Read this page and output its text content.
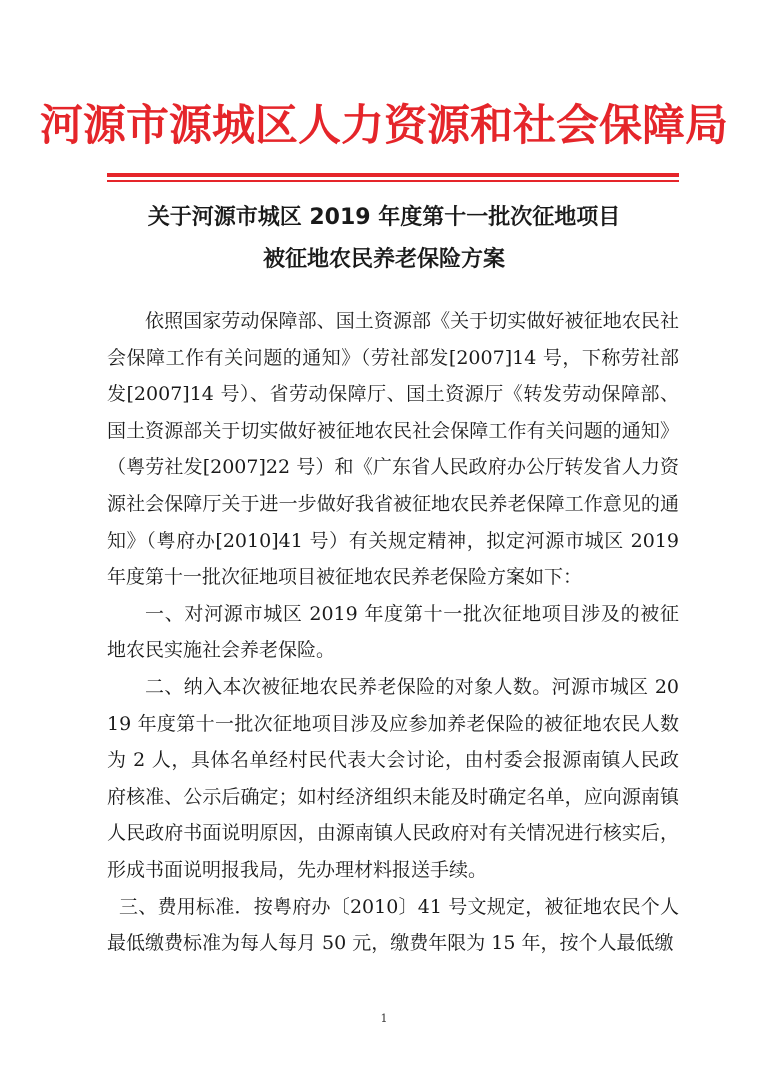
河源市源城区人力资源和社会保障局
关于河源市城区 2019 年度第十一批次征地项目
被征地农民养老保险方案

依照国家劳动保障部、国土资源部《关于切实做好被征地农民社会保障工作有关问题的通知》（劳社部发[2007]14 号，下称劳社部发[2007]14 号）、省劳动保障厅、国土资源厅《转发劳动保障部、国土资源部关于切实做好被征地农民社会保障工作有关问题的通知》（粤劳社发[2007]22 号）和《广东省人民政府办公厅转发省人力资源社会保障厅关于进一步做好我省被征地农民养老保障工作意见的通知》（粤府办[2010]41 号）有关规定精神，拟定河源市城区 2019 年度第十一批次征地项目被征地农民养老保险方案如下：

一、对河源市城区 2019 年度第十一批次征地项目涉及的被征地农民实施社会养老保险。

二、纳入本次被征地农民养老保险的对象人数。河源市城区 2019 年度第十一批次征地项目涉及应参加养老保险的被征地农民人数为 2 人，具体名单经村民代表大会讨论，由村委会报源南镇人民政府核准、公示后确定；如村经济组织未能及时确定名单，应向源南镇人民政府书面说明原因，由源南镇人民政府对有关情况进行核实后，形成书面说明报我局，先办理材料报送手续。

三、费用标准．按粤府办〔2010〕41 号文规定，被征地农民个人最低缴费标准为每人每月 50 元，缴费年限为 15 年，按个人最低缴

1
